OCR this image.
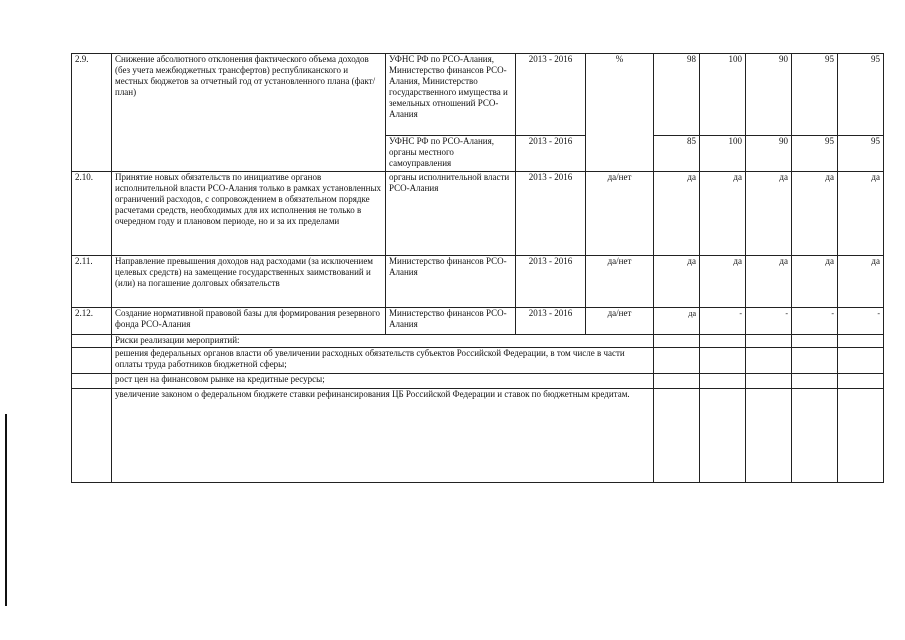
2.9.	Снижение абсолютного отклонения фактического объема доходов (без учета межбюджетных трансфертов) республиканского и местных бюджетов за отчетный год от установленного плана (факт/план)	УФНС РФ по РСО-Алания, Министерство финансов РСО-Алания, Министерство государственного имущества и земельных отношений РСО-Алания	2013 - 2016	%	98	100	90	95	95
		УФНС РФ по РСО-Алания, органы местного самоуправления	2013 - 2016		85	100	90	95	95
2.10.	Принятие новых обязательств по инициативе органов исполнительной власти РСО-Алания только в рамках установленных ограничений расходов, с сопровождением в обязательном порядке расчетами средств, необходимых для их исполнения не только в очередном году и плановом периоде, но и за их пределами	органы исполнительной власти РСО-Алания	2013 - 2016	да/нет	да	да	да	да	да
2.11.	Направление превышения доходов над расходами (за исключением целевых средств) на замещение государственных заимствований и (или) на погашение долговых обязательств	Министерство финансов РСО-Алания	2013 - 2016	да/нет	да	да	да	да	да
2.12.	Создание нормативной правовой базы для формирования резервного фонда РСО-Алания	Министерство финансов РСО-Алания	2013 - 2016	да/нет	да	-	-	-	-
	Риски реализации мероприятий:								
	решения федеральных органов власти об увеличении расходных обязательств субъектов Российской Федерации, в том числе в части оплаты труда работников бюджетной сферы;								
	рост цен на финансовом рынке на кредитные ресурсы;								
	увеличение законом о федеральном бюджете ставки рефинансирования ЦБ Российской Федерации и ставок по бюджетным кредитам.								
